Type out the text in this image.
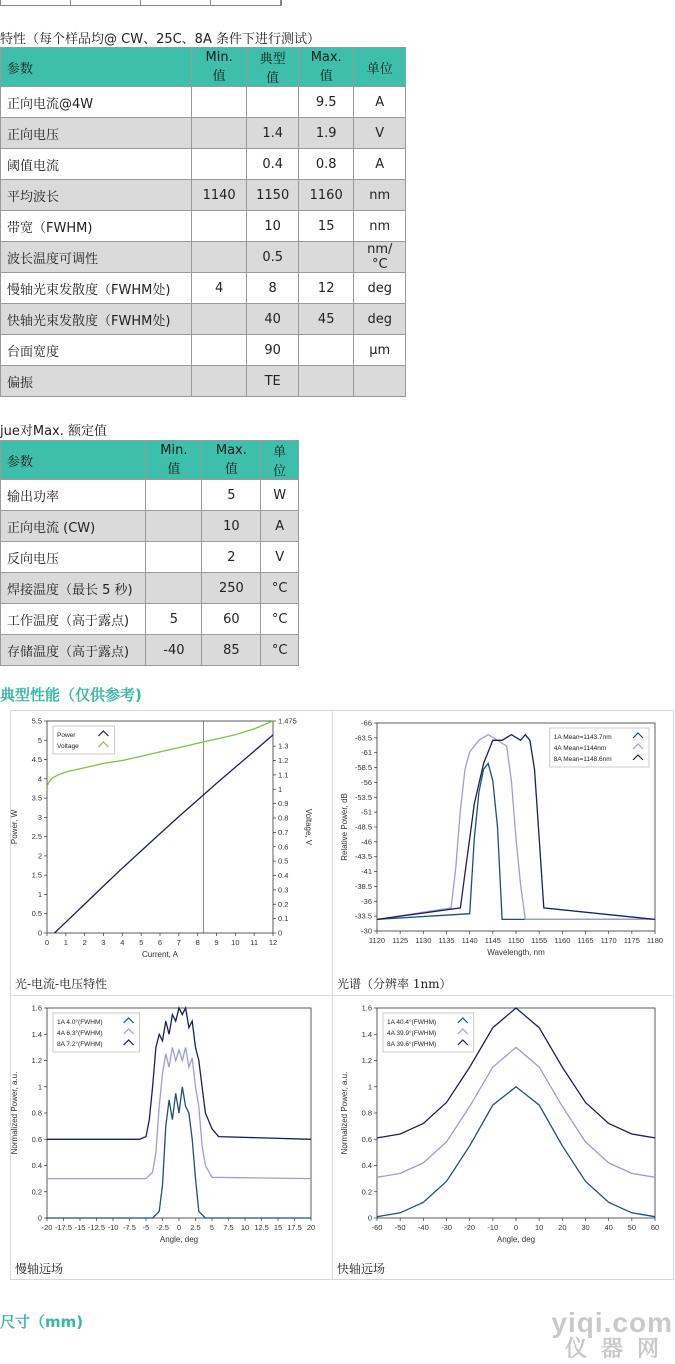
特性（每个样品均@ CW、25C、8A 条件下进行测试）
参数	Min. 值	典型值	Max. 值	单位
正向电流@4W			9.5	A
正向电压		1.4	1.9	V
阈值电流		0.4	0.8	A
平均波长	1140	1150	1160	nm
带宽（FWHM)		10	15	nm
波长温度可调性		0.5		nm/°C
慢轴光束发散度（FWHM处)	4	8	12	deg
快轴光束发散度（FWHM处)		40	45	deg
台面宽度		90		µm
偏振		TE		
jue对Max. 额定值
参数	Min. 值	Max. 值	单位
输出功率		5	W
正向电流 (CW)		10	A
反向电压		2	V
焊接温度（最长 5 秒)		250	°C
工作温度（高于露点)	5	60	°C
存储温度（高于露点)	-40	85	°C
典型性能（仅供参考)
0 1 2 3 4 5 6 7 8 9 10 11 12
0
0.5
1
1.5
2
2.5
3
3.5
4
4.5
5
5.5
0
0.1
0.2
0.3
0.4
0.5
0.6
0.7
0.8
0.9
1
1.1
1.2
1.3
1.475
Voltage, V
Current, A
Power, W
Power
Voltage
光-电流-电压特性
1120 1125 1130 1135 1140 1145 1150 1155 1160 1165 1170 1175 1180
-30
-33.5
-36
-38.5
-41
-43.5
-46
-48.5
-51
-53.5
-56
-58.5
-61
-63.5
-66
Wavelength, nm
Relative Power, dB
1A Mean=1143.7nm
4A Mean=1144nm
8A Mean=1148.6nm
光谱（分辨率 1nm）
-20 -17.5 -15 -12.5 -10 -7.5 -5 -2.5 0 2.5 5 7.5 10 12.5 15 17.5 20
0
0.2
0.4
0.6
0.8
1
1.2
1.4
1.6
Angle, deg
Normalized Power, a.u.
1A 4.0°(FWHM)
4A 6.3°(FWHM)
8A 7.2°(FWHM)
慢轴远场
-60 -50 -40 -30 -20 -10 0 10 20 30 40 50 60
0
0.2
0.4
0.6
0.8
1
1.2
1.4
1.6
Angle, deg
Normalized Power, a.u.
1A 40.4°(FWHM)
4A 39.9°(FWHM)
8A 39.6°(FWHM)
快轴远场
尺寸（mm)	yiqi.com
仪器网
